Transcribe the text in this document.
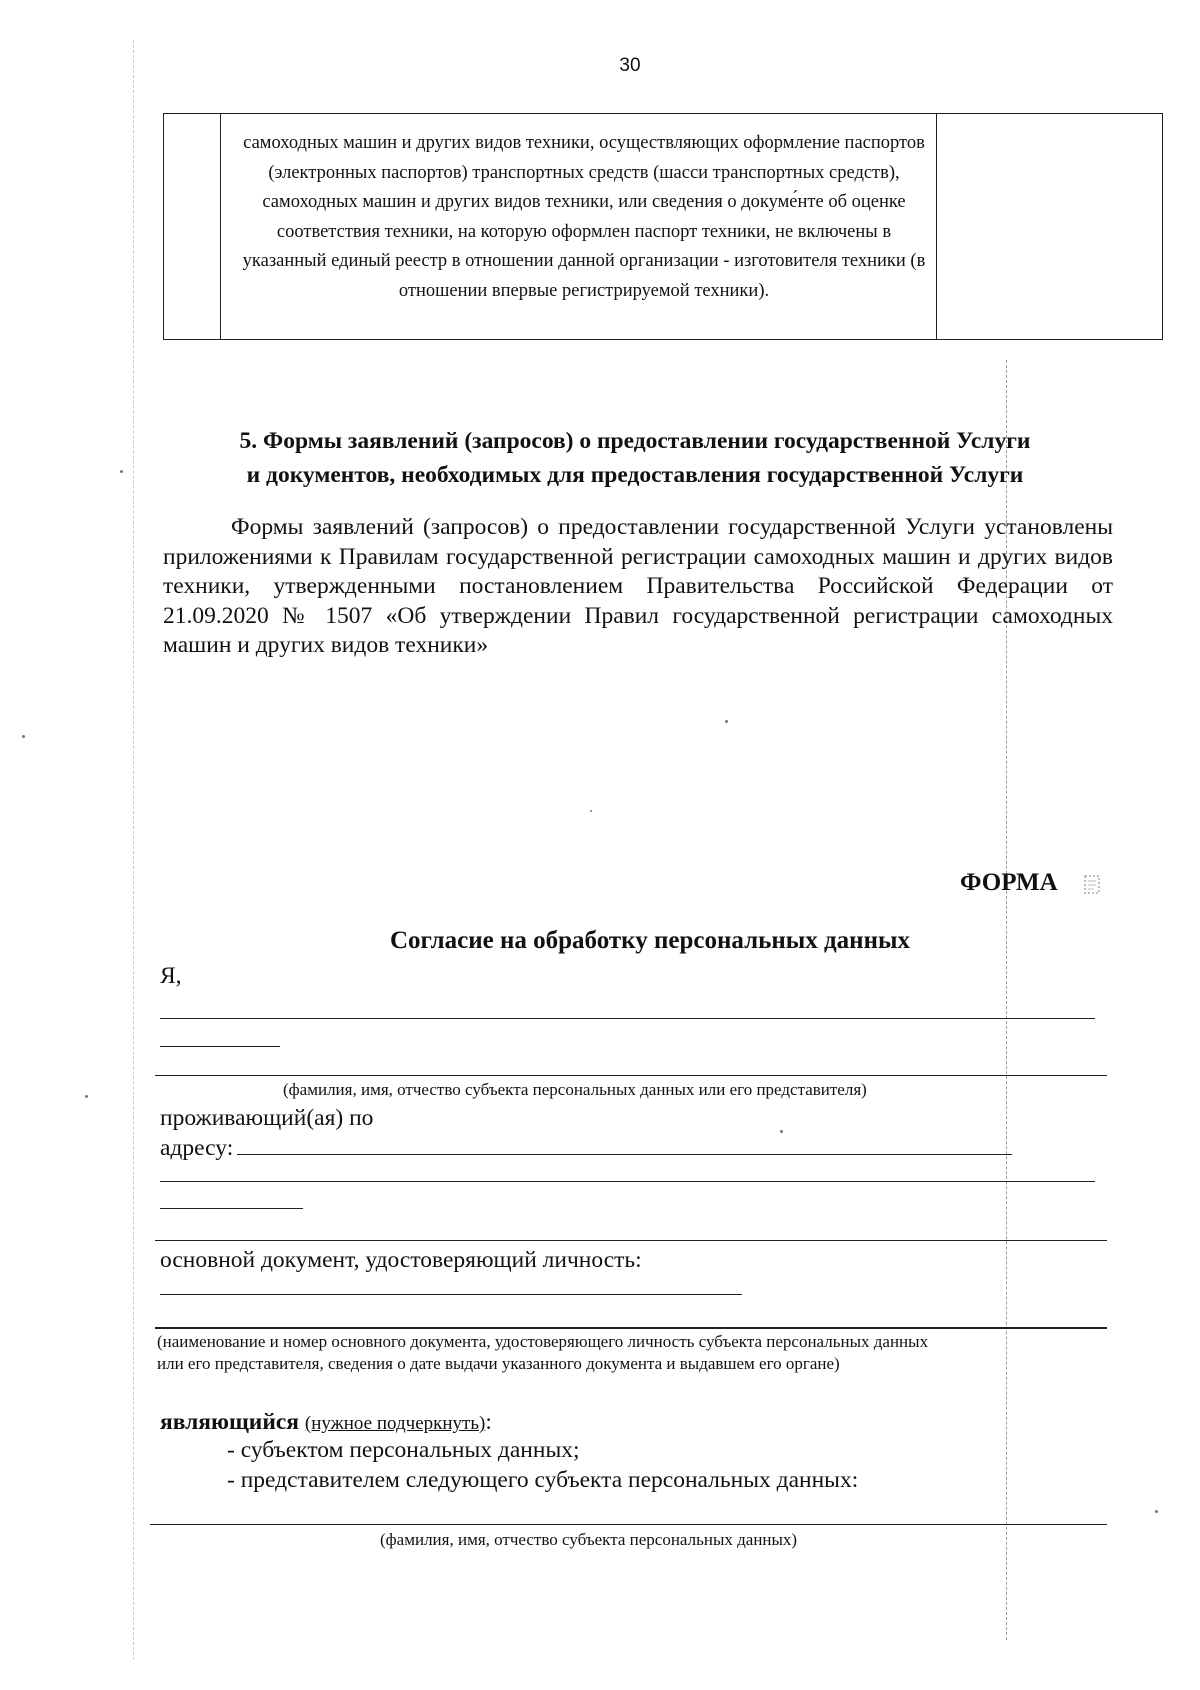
30
самоходных машин и других видов техники, осуществляющих оформление паспортов (электронных паспортов) транспортных средств (шасси транспортных средств), самоходных машин и других видов техники, или сведения о докуме́нте об оценке соответствия техники, на которую оформлен паспорт техники, не включены в указанный единый реестр в отношении данной организации - изготовителя техники (в отношении впервые регистрируемой техники).
5. Формы заявлений (запросов) о предоставлении государственной Услуги
и документов, необходимых для предоставления государственной Услуги

Формы заявлений (запросов) о предоставлении государственной Услуги установлены приложениями к Правилам государственной регистрации самоходных машин и других видов техники, утвержденными постановлением Правительства Российской Федерации от 21.09.2020 № 1507 «Об утверждении Правил государственной регистрации самоходных машин и других видов техники»

ФОРМА
Согласие на обработку персональных данных
Я,
(фамилия, имя, отчество субъекта персональных данных или его представителя)
проживающий(ая) по
адресу:
основной документ, удостоверяющий личность:
(наименование и номер основного документа, удостоверяющего личность субъекта персональных данных
или его представителя, сведения о дате выдачи указанного документа и выдавшем его органе)
являющийся (нужное подчеркнуть):
- субъектом персональных данных;
- представителем следующего субъекта персональных данных:
(фамилия, имя, отчество субъекта персональных данных)
